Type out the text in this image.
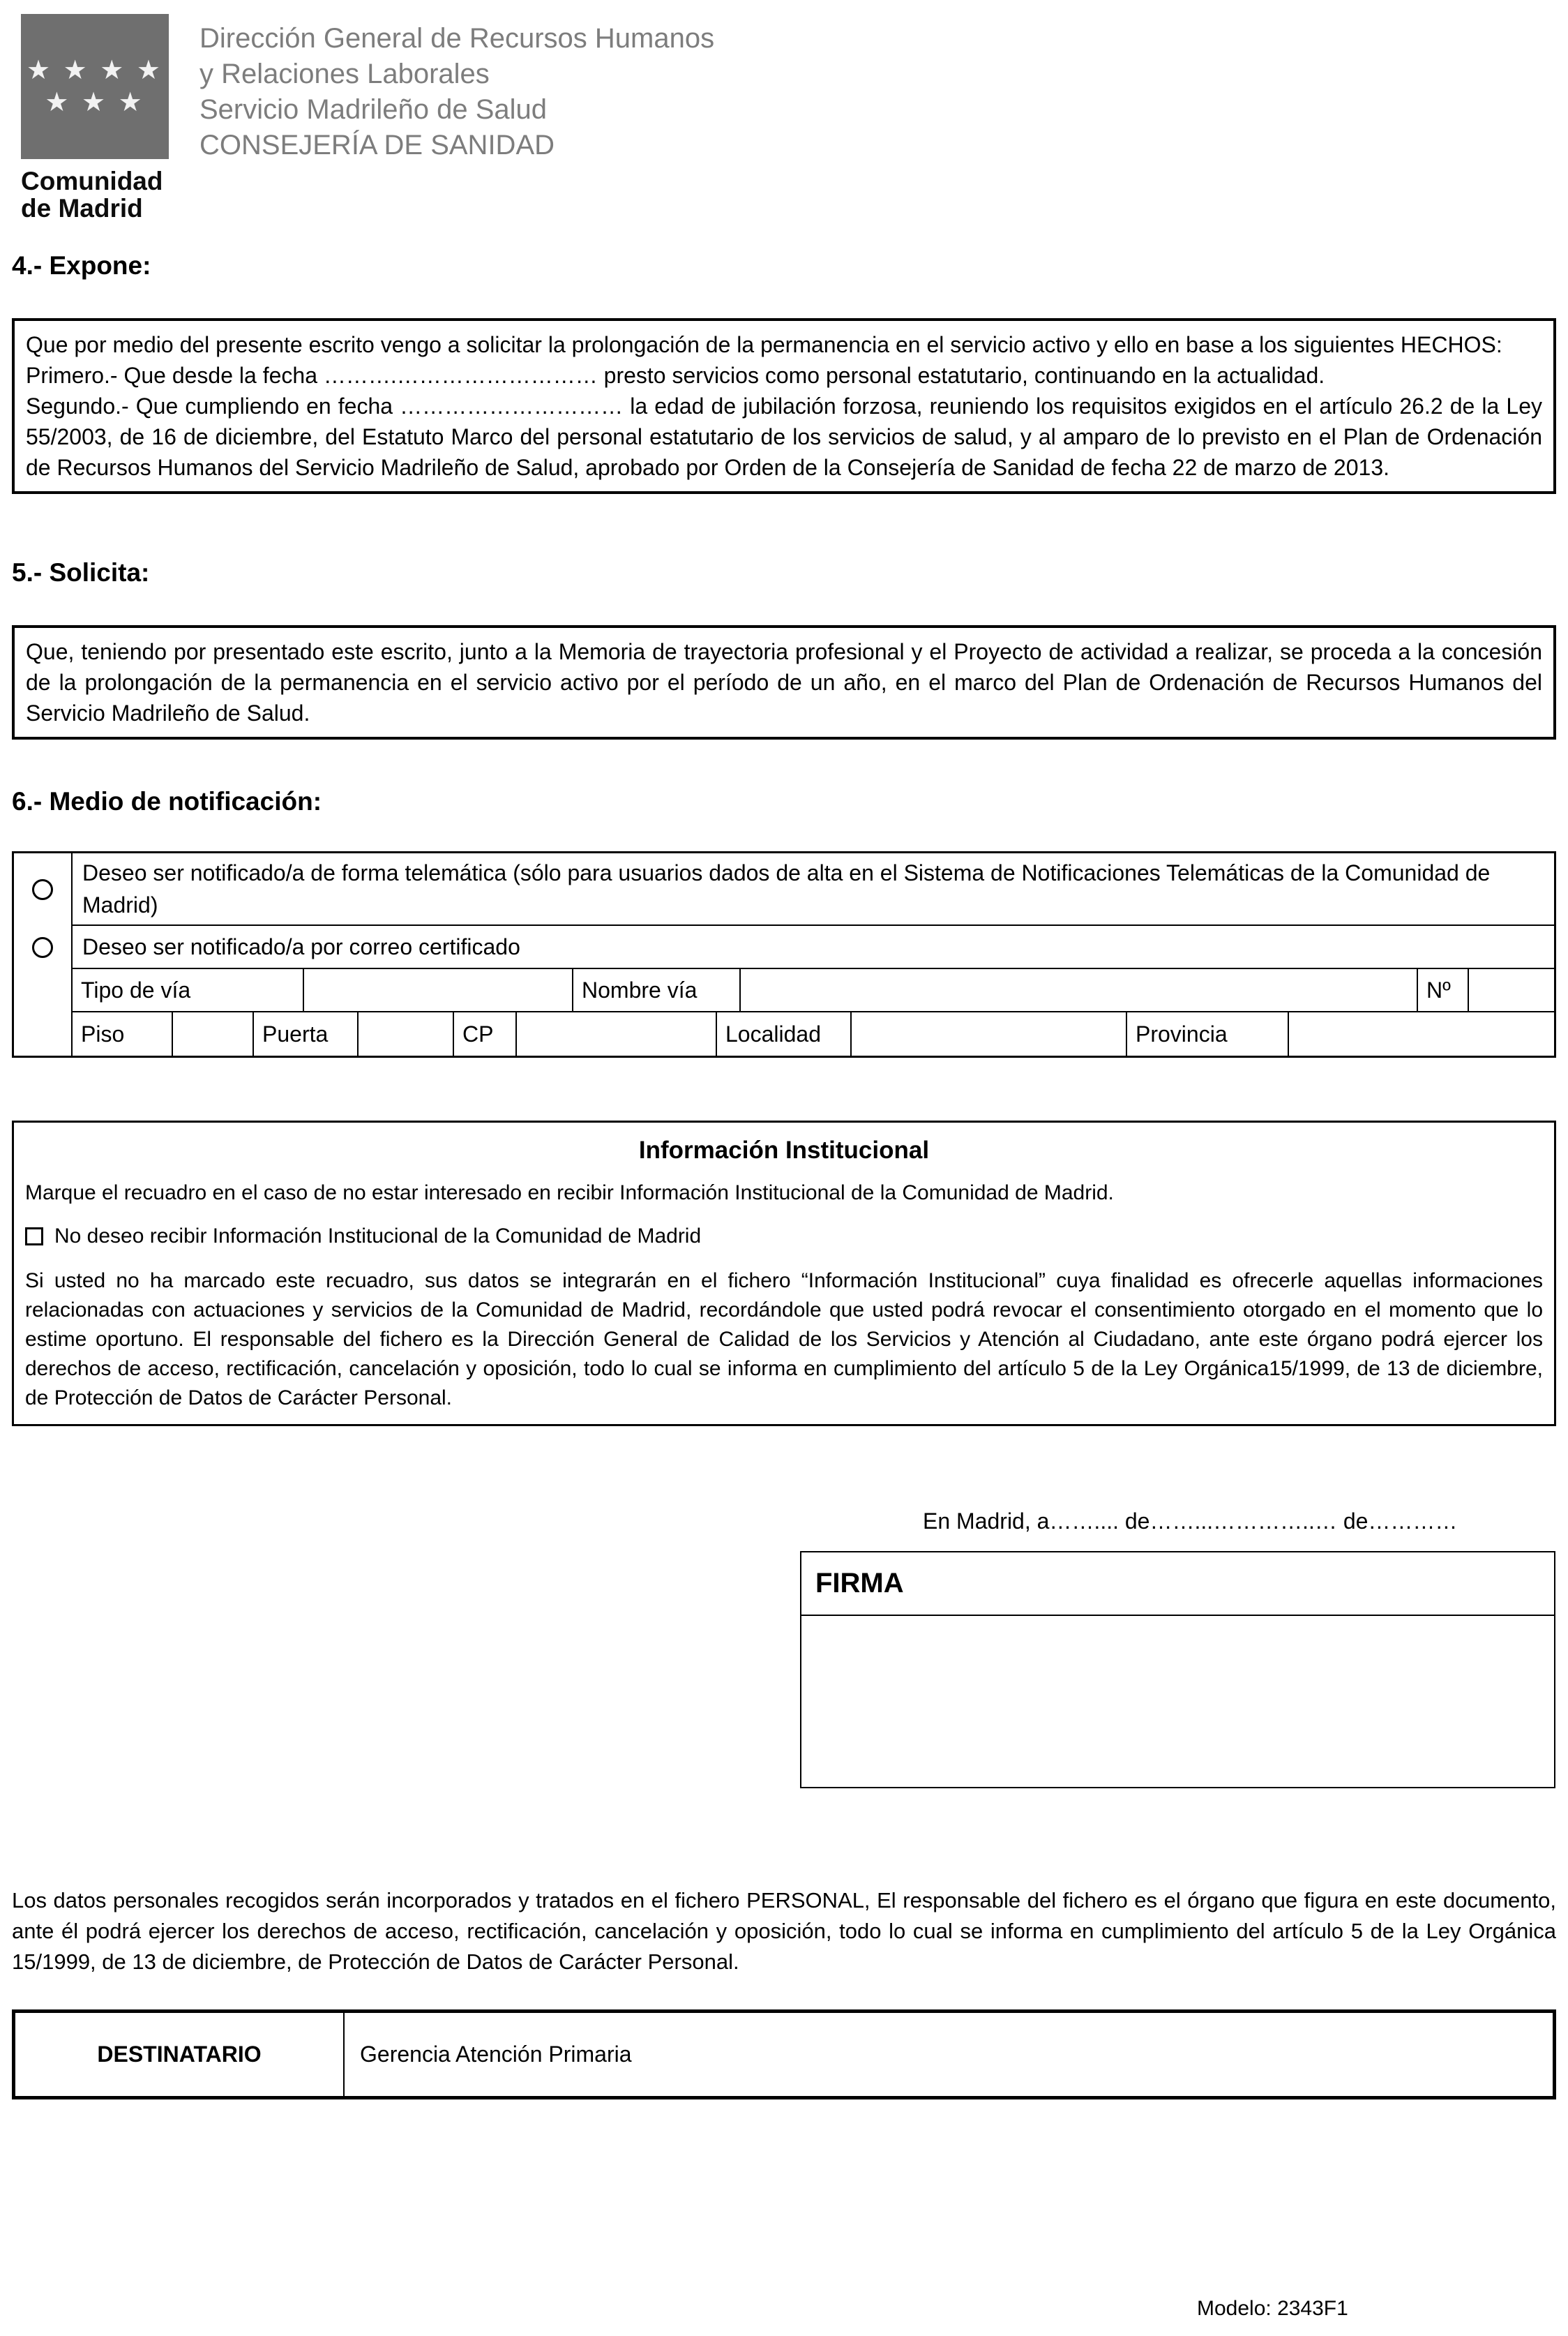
★ ★ ★ ★
★ ★ ★
Comunidad
de Madrid
Dirección General de Recursos Humanos
y Relaciones Laborales
Servicio Madrileño de Salud
CONSEJERÍA DE SANIDAD
4.- Expone:

Que por medio del presente escrito vengo a solicitar la prolongación de la permanencia en el servicio activo y ello en base a los siguientes HECHOS:

Primero.- Que desde la fecha ……….……………………… presto servicios como personal estatutario, continuando en la actualidad.

Segundo.- Que cumpliendo en fecha ………………………… la edad de jubilación forzosa, reuniendo los requisitos exigidos en el artículo 26.2 de la Ley 55/2003, de 16 de diciembre, del Estatuto Marco del personal estatutario de los servicios de salud, y al amparo de lo previsto en el Plan de Ordenación de Recursos Humanos del Servicio Madrileño de Salud, aprobado por Orden de la Consejería de Sanidad de fecha 22 de marzo de 2013.

5.- Solicita:

Que, teniendo por presentado este escrito, junto a la Memoria de trayectoria profesional y el Proyecto de actividad a realizar, se proceda a la concesión de la prolongación de la permanencia en el servicio activo por el período de un año, en el marco del Plan de Ordenación de Recursos Humanos del Servicio Madrileño de Salud.

6.- Medio de notificación:
Deseo ser notificado/a de forma telemática (sólo para usuarios dados de alta en el Sistema de Notificaciones Telemáticas de la Comunidad de Madrid)
Deseo ser notificado/a por correo certificado
Tipo de vía	Nombre vía	Nº
Piso	Puerta	CP	Localidad	Provincia
Información Institucional

Marque el recuadro en el caso de no estar interesado en recibir Información Institucional de la Comunidad de Madrid.

No deseo recibir Información Institucional de la Comunidad de Madrid

Si usted no ha marcado este recuadro, sus datos se integrarán en el fichero “Información Institucional” cuya finalidad es ofrecerle aquellas informaciones relacionadas con actuaciones y servicios de la Comunidad de Madrid, recordándole que usted podrá revocar el consentimiento otorgado en el momento que lo estime oportuno. El responsable del fichero es la Dirección General de Calidad de los Servicios y Atención al Ciudadano, ante este órgano podrá ejercer los derechos de acceso, rectificación, cancelación y oposición, todo lo cual se informa en cumplimiento del artículo 5 de la Ley Orgánica15/1999, de 13 de diciembre, de Protección de Datos de Carácter Personal.

En Madrid, a…….... de……...…………..… de…………
FIRMA

Los datos personales recogidos serán incorporados y tratados en el fichero PERSONAL, El responsable del fichero es el órgano que figura en este documento, ante él podrá ejercer los derechos de acceso, rectificación, cancelación y oposición, todo lo cual se informa en cumplimiento del artículo 5 de la Ley Orgánica 15/1999, de 13 de diciembre, de Protección de Datos de Carácter Personal.

DESTINATARIO	Gerencia Atención Primaria
Modelo: 2343F1
